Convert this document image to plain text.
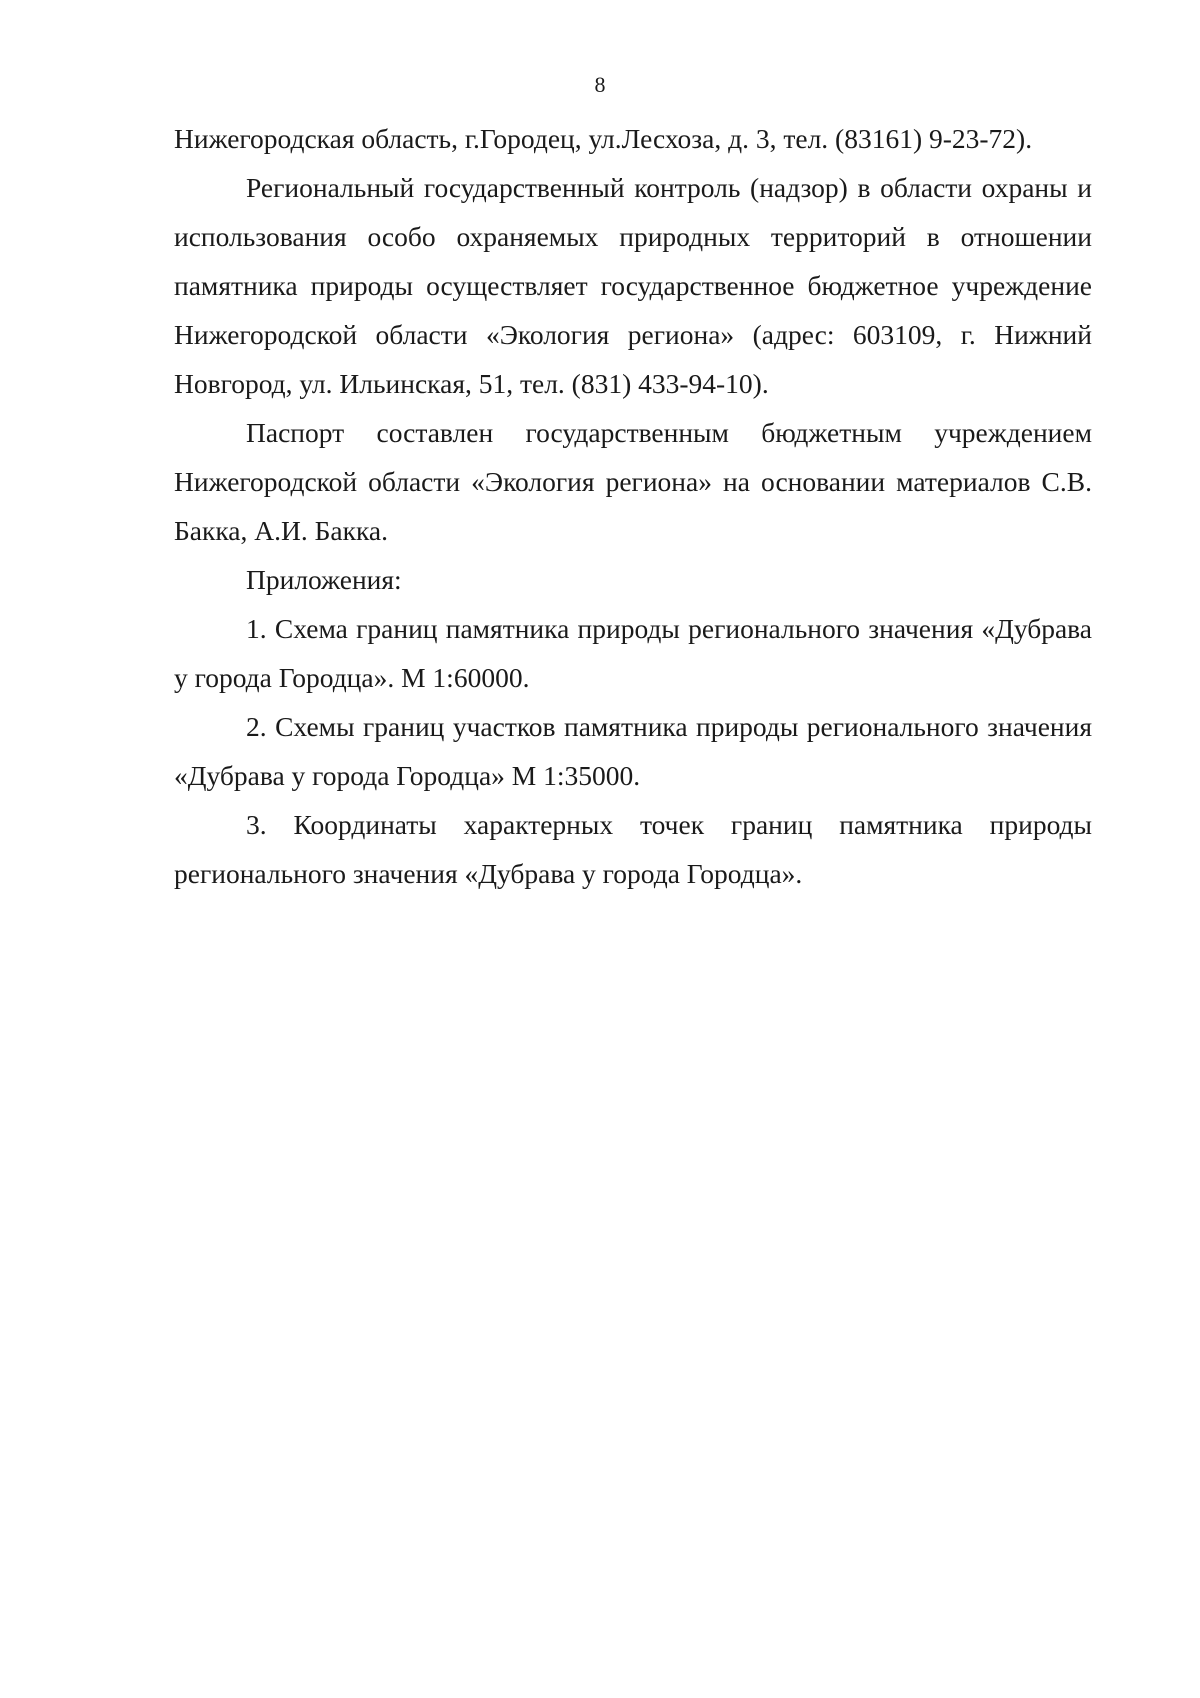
8

Нижегородская область, г.Городец, ул.Лесхоза, д. 3, тел. (83161) 9-23-72).

Региональный государственный контроль (надзор) в области охраны и использования особо охраняемых природных территорий в отношении памятника природы осуществляет государственное бюджетное учреждение Нижегородской области «Экология региона» (адрес: 603109, г. Нижний Новгород, ул. Ильинская, 51, тел. (831) 433-94-10).

Паспорт составлен государственным бюджетным учреждением Нижегородской области «Экология региона» на основании материалов С.В. Бакка, А.И. Бакка.

Приложения:

1. Схема границ памятника природы регионального значения «Дубрава у города Городца». М 1:60000.

2. Схемы границ участков памятника природы регионального значения «Дубрава у города Городца» М 1:35000.

3. Координаты характерных точек границ памятника природы регионального значения «Дубрава у города Городца».
